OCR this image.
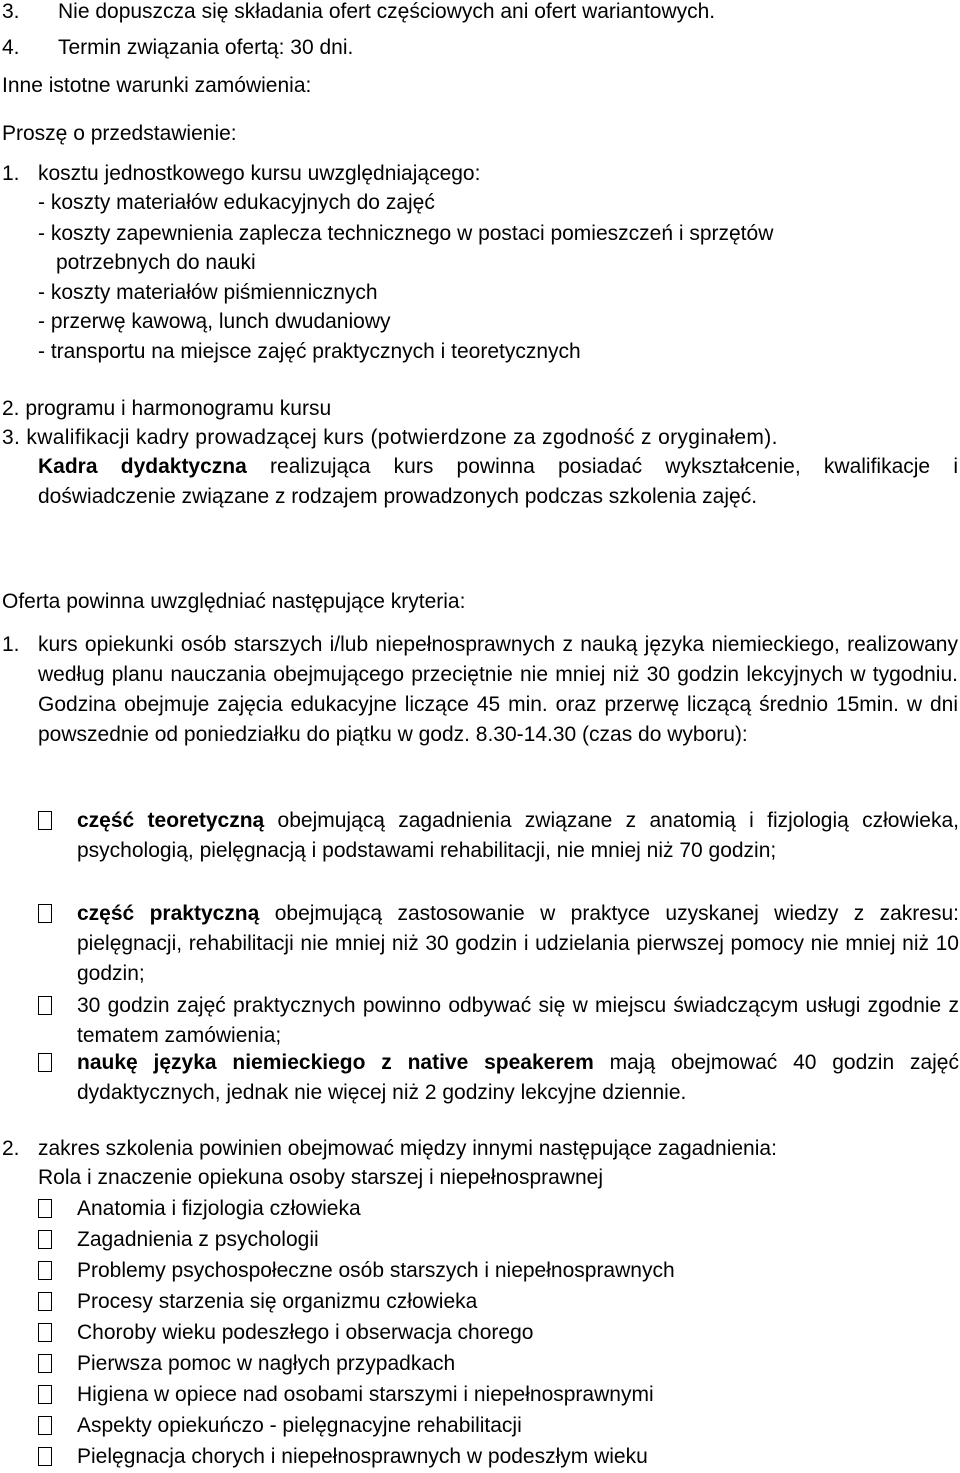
3. Nie dopuszcza się składania ofert częściowych ani ofert wariantowych.
4. Termin związania ofertą: 30 dni.
Inne istotne warunki zamówienia:
Proszę o przedstawienie:
1. kosztu jednostkowego kursu uwzględniającego:
- koszty materiałów edukacyjnych do zajęć
- koszty zapewnienia zaplecza technicznego w postaci pomieszczeń i sprzętów
potrzebnych do nauki
- koszty materiałów piśmiennicznych
- przerwę kawową, lunch dwudaniowy
- transportu na miejsce zajęć praktycznych i teoretycznych
2. programu i harmonogramu kursu
3. kwalifikacji kadry prowadzącej kurs (potwierdzone za zgodność z oryginałem).

Kadra dydaktyczna realizująca kurs powinna posiadać wykształcenie, kwalifikacje i doświadczenie związane z rodzajem prowadzonych podczas szkolenia zajęć.

Oferta powinna uwzględniać następujące kryteria:
1. kurs opiekunki osób starszych i/lub niepełnosprawnych z nauką języka niemieckiego, realizowany według planu nauczania obejmującego przeciętnie nie mniej niż 30 godzin lekcyjnych w tygodniu. Godzina obejmuje zajęcia edukacyjne liczące 45 min. oraz przerwę liczącą średnio 15min. w dni powszednie od poniedziałku do piątku w godz. 8.30-14.30 (czas do wyboru):

część teoretyczną obejmującą zagadnienia związane z anatomią i fizjologią człowieka, psychologią, pielęgnacją i podstawami rehabilitacji, nie mniej niż 70 godzin;

część praktyczną obejmującą zastosowanie w praktyce uzyskanej wiedzy z zakresu: pielęgnacji, rehabilitacji nie mniej niż 30 godzin i udzielania pierwszej pomocy nie mniej niż 10 godzin;

30 godzin zajęć praktycznych powinno odbywać się w miejscu świadczącym usługi zgodnie z tematem zamówienia;

naukę języka niemieckiego z native speakerem mają obejmować 40 godzin zajęć dydaktycznych, jednak nie więcej niż 2 godziny lekcyjne dziennie.

2. zakres szkolenia powinien obejmować między innymi następujące zagadnienia:
Rola i znaczenie opiekuna osoby starszej i niepełnosprawnej
Anatomia i fizjologia człowieka
Zagadnienia z psychologii
Problemy psychospołeczne osób starszych i niepełnosprawnych
Procesy starzenia się organizmu człowieka
Choroby wieku podeszłego i obserwacja chorego
Pierwsza pomoc w nagłych przypadkach
Higiena w opiece nad osobami starszymi i niepełnosprawnymi
Aspekty opiekuńczo - pielęgnacyjne rehabilitacji
Pielęgnacja chorych i niepełnosprawnych w podeszłym wieku
